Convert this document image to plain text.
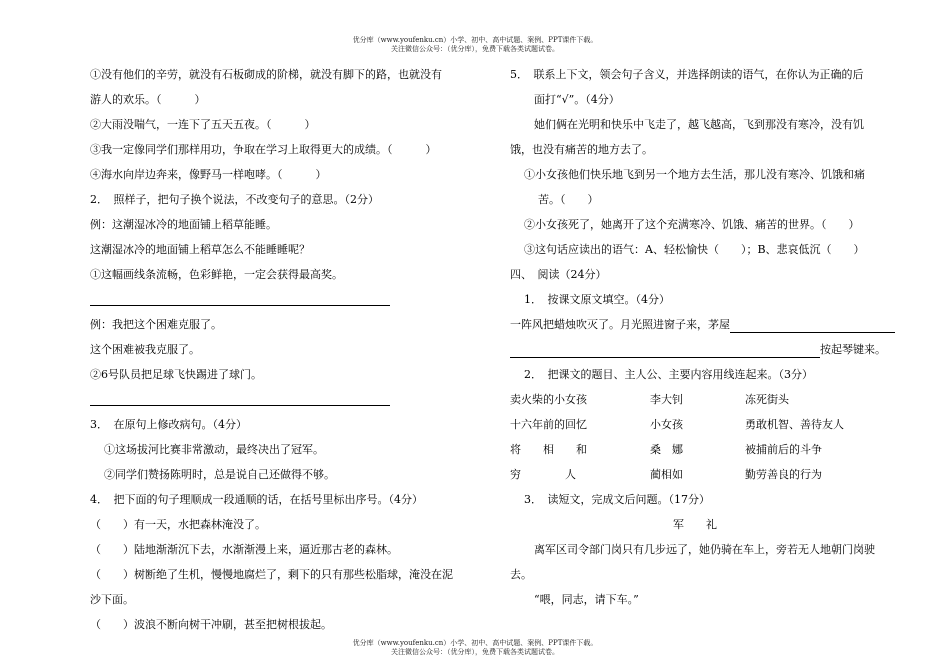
优分库（www.youfenku.cn）小学、初中、高中试题、案例、PPT课件下载。
关注微信公众号：（优分库），免费下载各类试题试卷。
①没有他们的辛劳，就没有石板砌成的阶梯，就没有脚下的路，也就没有
游人的欢乐。（　　　）
②大雨没喘气，一连下了五天五夜。（　　　）
③我一定像同学们那样用功，争取在学习上取得更大的成绩。（　　　）
④海水向岸边奔来，像野马一样咆哮。（　　　）
2．　照样子，把句子换个说法，不改变句子的意思。（2分）
例：这潮湿冰冷的地面铺上稻草能睡。
这潮湿冰冷的地面铺上稻草怎么不能睡睡呢？
①这幅画线条流畅，色彩鲜艳，一定会获得最高奖。
例：我把这个困难克服了。
这个困难被我克服了。
②6号队员把足球飞快踢进了球门。
3．　在原句上修改病句。（4分）
①这场拔河比赛非常激动，最终决出了冠军。
②同学们赞扬陈明时，总是说自己还做得不够。
4．　把下面的句子理顺成一段通顺的话，在括号里标出序号。（4分）
（　　）有一天，水把森林淹没了。
（　　）陆地渐渐沉下去，水渐渐漫上来，逼近那古老的森林。
（　　）树断绝了生机，慢慢地腐烂了，剩下的只有那些松脂球，淹没在泥
沙下面。
（　　）波浪不断向树干冲刷，甚至把树根拔起。
5．　联系上下文，领会句子含义，并选择朗读的语气，在你认为正确的后
面打“√”。（4分）
她们俩在光明和快乐中飞走了，越飞越高，飞到那没有寒冷，没有饥
饿，也没有痛苦的地方去了。
①小女孩他们快乐地飞到另一个地方去生活，那儿没有寒冷、饥饿和痛
苦。（　　）
②小女孩死了，她离开了这个充满寒冷、饥饿、痛苦的世界。（　　）
③这句话应读出的语气：A、轻松愉快（　　）；B、悲哀低沉（　　）
四、　阅读（24分）
1．　按课文原文填空。（4分）
一阵风把蜡烛吹灭了。月光照进窗子来，茅屋
按起琴键来。
2．　把课文的题目、主人公、主要内容用线连起来。（3分）
卖火柴的小女孩	李大钊	冻死街头
十六年前的回忆	小女孩	勇敢机智、善待友人
将　　相　　和	桑　娜	被捕前后的斗争
穷　　　　人	蔺相如	勤劳善良的行为
3．　读短文，完成文后问题。（17分）
军　　礼
离军区司令部门岗只有几步远了，她仍骑在车上，旁若无人地朝门岗驶
去。
“喂，同志，请下车。”
优分库（www.youfenku.cn）小学、初中、高中试题、案例、PPT课件下载。
关注微信公众号：（优分库），免费下载各类试题试卷。
